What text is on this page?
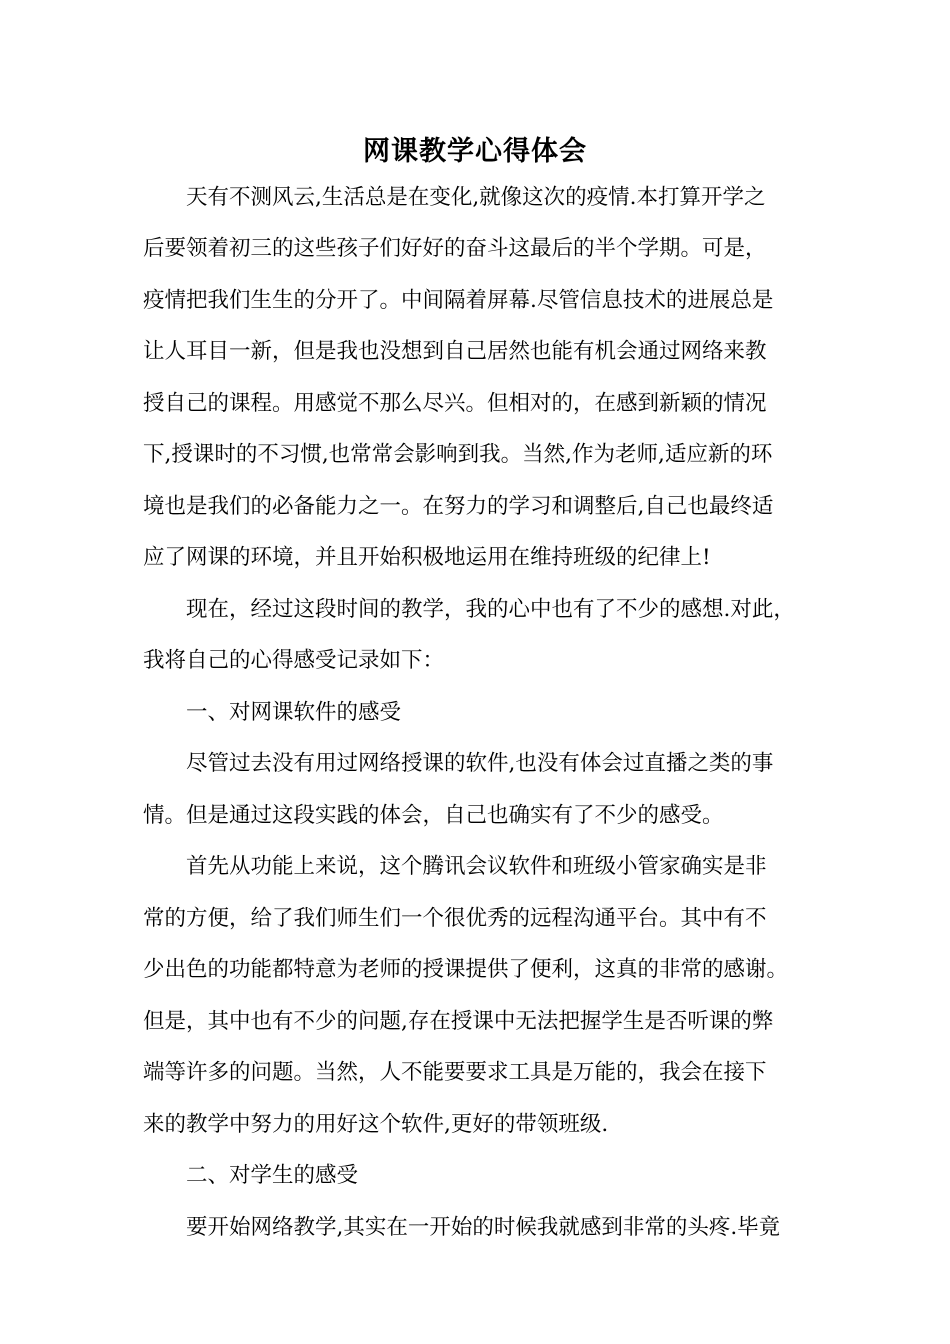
网课教学心得体会
　　天有不测风云,生活总是在变化,就像这次的疫情.本打算开学之
后要领着初三的这些孩子们好好的奋斗这最后的半个学期。可是，
疫情把我们生生的分开了。中间隔着屏幕.尽管信息技术的进展总是
让人耳目一新，但是我也没想到自己居然也能有机会通过网络来教
授自己的课程。用感觉不那么尽兴。但相对的，在感到新颖的情况
下,授课时的不习惯,也常常会影响到我。当然,作为老师,适应新的环
境也是我们的必备能力之一。在努力的学习和调整后,自己也最终适
应了网课的环境，并且开始积极地运用在维持班级的纪律上!
　　现在，经过这段时间的教学，我的心中也有了不少的感想.对此，
我将自己的心得感受记录如下：
　　一、对网课软件的感受
　　尽管过去没有用过网络授课的软件,也没有体会过直播之类的事
情。但是通过这段实践的体会，自己也确实有了不少的感受。
　　首先从功能上来说，这个腾讯会议软件和班级小管家确实是非
常的方便，给了我们师生们一个很优秀的远程沟通平台。其中有不
少出色的功能都特意为老师的授课提供了便利，这真的非常的感谢。
但是，其中也有不少的问题,存在授课中无法把握学生是否听课的弊
端等许多的问题。当然，人不能要要求工具是万能的，我会在接下
来的教学中努力的用好这个软件,更好的带领班级.
　　二、对学生的感受
　　要开始网络教学,其实在一开始的时候我就感到非常的头疼.毕竟
